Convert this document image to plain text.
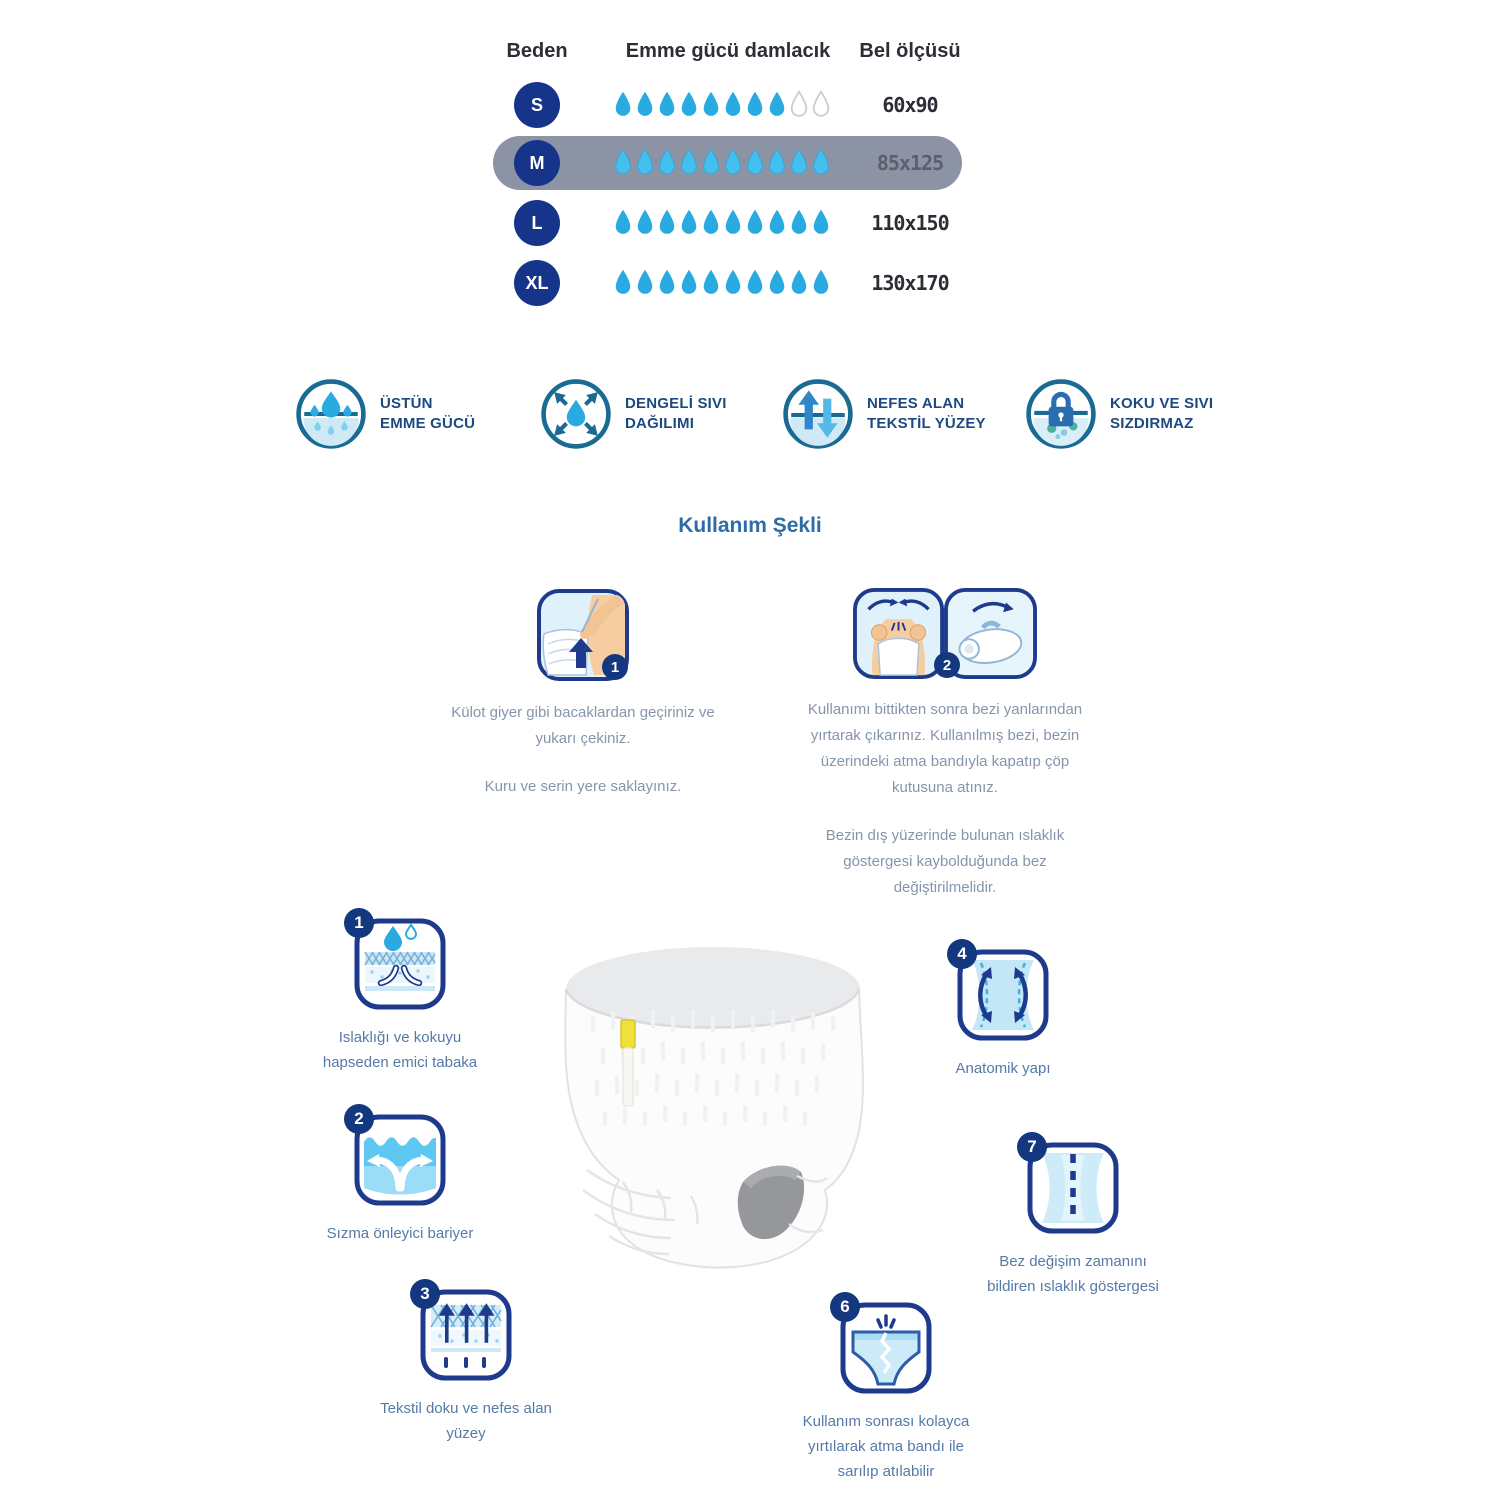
Beden	Emme gücü damlacık	Bel ölçüsü
S	60x90
M	85x125
L	110x150
XL	130x170
ÜSTÜN
EMME GÜCÜ
DENGELİ SIVI
DAĞILIMI
NEFES ALAN
TEKSTİL YÜZEY
KOKU VE SIVI
SIZDIRMAZ
Kullanım Şekli
1

Külot giyer gibi bacaklardan geçiriniz ve yukarı çekiniz.

Kuru ve serin yere saklayınız.

2

Kullanımı bittikten sonra bezi yanlarından yırtarak çıkarınız. Kullanılmış bezi, bezin üzerindeki atma bandıyla kapatıp çöp kutusuna atınız.

Bezin dış yüzerinde bulunan ıslaklık göstergesi kaybolduğunda bez değiştirilmelidir.

1
Islaklığı ve kokuyu hapseden emici tabaka
2
Sızma önleyici bariyer
3
Tekstil doku ve nefes alan yüzey
4
Anatomik yapı
7
Bez değişim zamanını bildiren ıslaklık göstergesi
6
Kullanım sonrası kolayca yırtılarak atma bandı ile sarılıp atılabilir
